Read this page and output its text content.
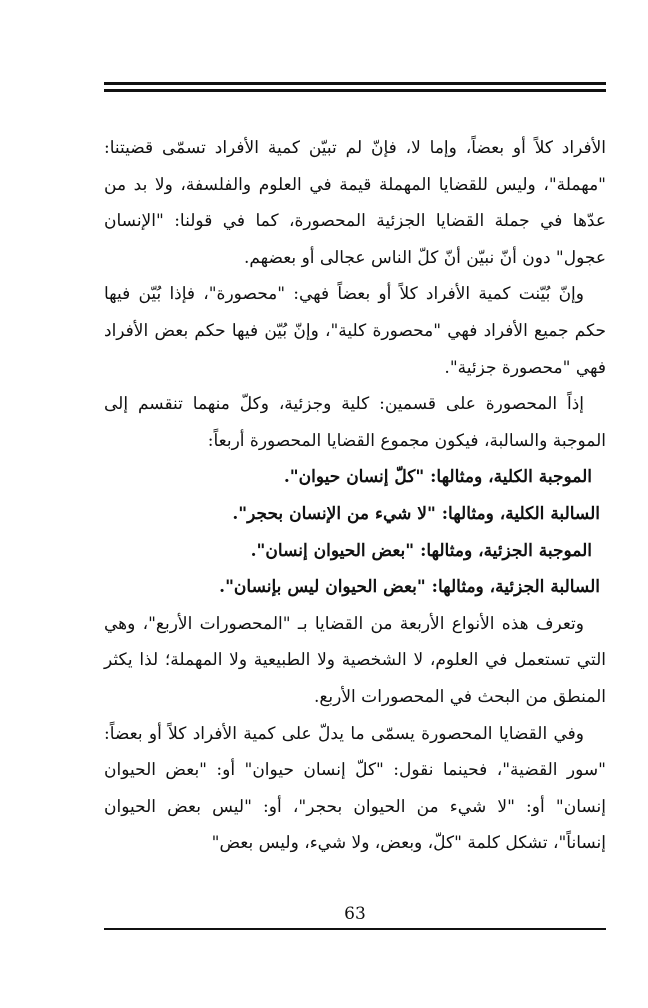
الأفراد كلاً أو بعضاً، وإما لا، فإنّ لم تبيّن كمية الأفراد تسمّى قضيتنا: "مهملة"، وليس للقضايا المهملة قيمة في العلوم والفلسفة، ولا بد من عدّها في جملة القضايا الجزئية المحصورة، كما في قولنا: "الإنسان عجول" دون أنّ نبيّن أنّ كلّ الناس عجالى أو بعضهم.

وإنّ بُيّنت كمية الأفراد كلاً أو بعضاً فهي: "محصورة"، فإذا بُيّن فيها حكم جميع الأفراد فهي "محصورة كلية"، وإنّ بُيّن فيها حكم بعض الأفراد فهي "محصورة جزئية".

إذاً المحصورة على قسمين: كلية وجزئية، وكلّ منهما تنقسم إلى الموجبة والسالبة، فيكون مجموع القضايا المحصورة أربعاً:

الموجبة الكلية، ومثالها: "كلّ إنسان حيوان".

السالبة الكلية، ومثالها: "لا شيء من الإنسان بحجر".

الموجبة الجزئية، ومثالها: "بعض الحيوان إنسان".

السالبة الجزئية، ومثالها: "بعض الحيوان ليس بإنسان".

وتعرف هذه الأنواع الأربعة من القضايا بـ "المحصورات الأربع"، وهي التي تستعمل في العلوم، لا الشخصية ولا الطبيعية ولا المهملة؛ لذا يكثر المنطق من البحث في المحصورات الأربع.

وفي القضايا المحصورة يسمّى ما يدلّ على كمية الأفراد كلاً أو بعضاً: "سور القضية"، فحينما نقول: "كلّ إنسان حيوان" أو: "بعض الحيوان إنسان" أو: "لا شيء من الحيوان بحجر"، أو: "ليس بعض الحيوان إنساناً"، تشكل كلمة "كلّ، وبعض، ولا شيء، وليس بعض"

63
